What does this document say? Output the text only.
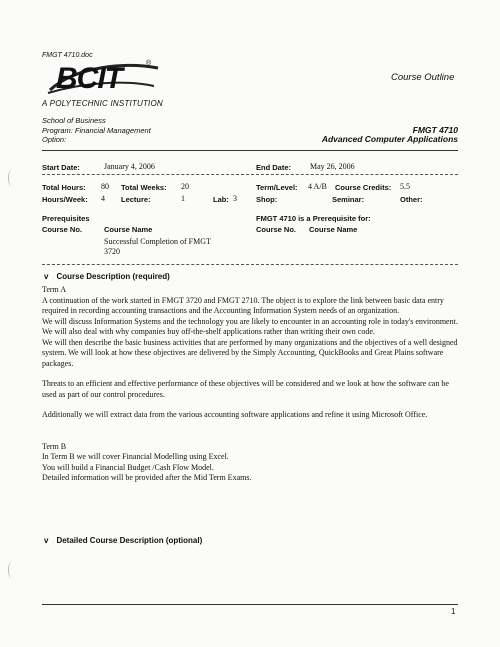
FMGT 4710.doc
BCIT	®
A POLYTECHNIC INSTITUTION
Course Outline
School of Business
Program: Financial Management
Option:
FMGT 4710
Advanced Computer Applications
Start Date:	January 4, 2006	End Date: May 26, 2006
Total Hours: 80 Total Weeks: 20	Term/Level: 4 A/B Course Credits: 5.5
Hours/Week: 4 Lecture:	1	Lab: 3	Shop:	Seminar:	Other:
Prerequisites	FMGT 4710 is a Prerequisite for:
Course No.	Course Name	Course No. Course Name
Successful Completion of FMGT
3720
v Course Description (required)

Term A

A continuation of the work started in FMGT 3720 and FMGT 2710. The object is to explore the link between basic data entry required in recording accounting transactions and the Accounting Information System needs of an organization.

We will discuss Information Systems and the technology you are likely to encounter in an accounting role in today's environment. We will also deal with why companies buy off-the-shelf applications rather than writing their own code.

We will then describe the basic business activities that are performed by many organizations and the objectives of a well designed system. We will look at how these objectives are delivered by the Simply Accounting, QuickBooks and Great Plains software packages.

Threats to an efficient and effective performance of these objectives will be considered and we look at how the software can be used as part of our control procedures.

Additionally we will extract data from the various accounting software applications and refine it using Microsoft Office.

Term B

In Term B we will cover Financial Modelling using Excel.

You will build a Financial Budget /Cash Flow Model.

Detailed information will be provided after the Mid Term Exams.

v Detailed Course Description (optional)
1
